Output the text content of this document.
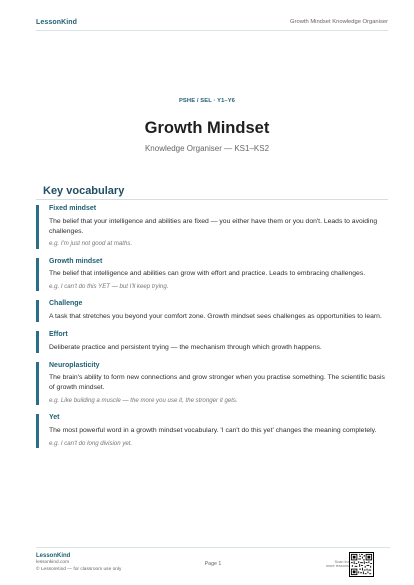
LessonKind	Growth Mindset Knowledge Organiser
PSHE / SEL · Y1–Y6
Growth Mindset
Knowledge Organiser — KS1–KS2
Key vocabulary
Fixed mindset
The belief that your intelligence and abilities are fixed — you either have them or you don't. Leads to avoiding challenges.
e.g. I'm just not good at maths.
Growth mindset
The belief that intelligence and abilities can grow with effort and practice. Leads to embracing challenges.
e.g. I can't do this YET — but I'll keep trying.
Challenge
A task that stretches you beyond your comfort zone. Growth mindset sees challenges as opportunities to learn.
Effort
Deliberate practice and persistent trying — the mechanism through which growth happens.
Neuroplasticity
The brain's ability to form new connections and grow stronger when you practise something. The scientific basis of growth mindset.
e.g. Like building a muscle — the more you use it, the stronger it gets.
Yet
The most powerful word in a growth mindset vocabulary. 'I can't do this yet' changes the meaning completely.
e.g. I can't do long division yet.
LessonKind
lessonkind.com
© LessonKind — for classroom use only
Page 1	Scan for
more lessons
